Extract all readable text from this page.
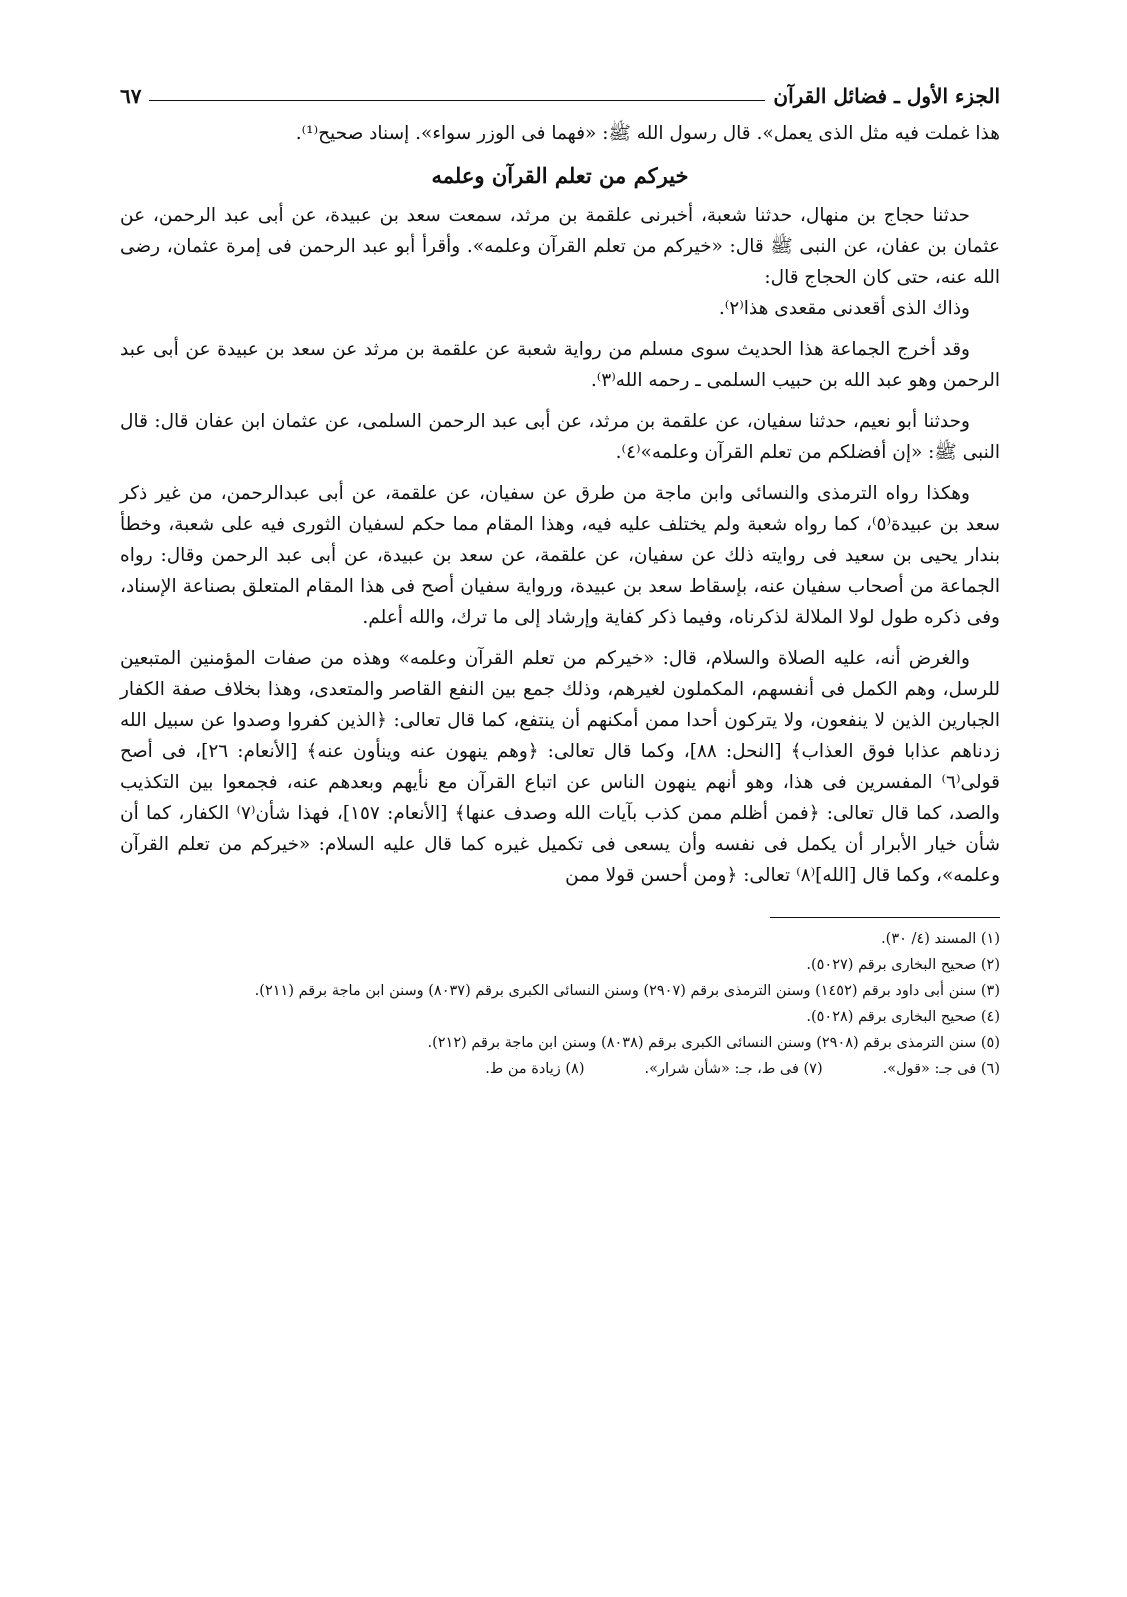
الجزء الأول ـ فضائل القرآن
٦٧

هذا غملت فيه مثل الذى يعمل». قال رسول الله ﷺ: «فهما فى الوزر سواء». إسناد صحيح⁽¹⁾.

خيركم من تعلم القرآن وعلمه

حدثنا حجاج بن منهال، حدثنا شعبة، أخبرنى علقمة بن مرثد، سمعت سعد بن عبيدة، عن أبى عبد الرحمن، عن عثمان بن عفان، عن النبى ﷺ قال: «خيركم من تعلم القرآن وعلمه». وأقرأ أبو عبد الرحمن فى إمرة عثمان، رضى الله عنه، حتى كان الحجاج قال:

وذاك الذى أقعدنى مقعدى هذا⁽٢⁾.

وقد أخرج الجماعة هذا الحديث سوى مسلم من رواية شعبة عن علقمة بن مرثد عن سعد بن عبيدة عن أبى عبد الرحمن وهو عبد الله بن حبيب السلمى ـ رحمه الله⁽٣⁾.

وحدثنا أبو نعيم، حدثنا سفيان، عن علقمة بن مرثد، عن أبى عبد الرحمن السلمى، عن عثمان ابن عفان قال: قال النبى ﷺ: «إن أفضلكم من تعلم القرآن وعلمه»⁽٤⁾.

وهكذا رواه الترمذى والنسائى وابن ماجة من طرق عن سفيان، عن علقمة، عن أبى عبدالرحمن، من غير ذكر سعد بن عبيدة⁽٥⁾، كما رواه شعبة ولم يختلف عليه فيه، وهذا المقام مما حكم لسفيان الثورى فيه على شعبة، وخطأ بندار يحيى بن سعيد فى روايته ذلك عن سفيان، عن علقمة، عن سعد بن عبيدة، عن أبى عبد الرحمن وقال: رواه الجماعة من أصحاب سفيان عنه، بإسقاط سعد بن عبيدة، ورواية سفيان أصح فى هذا المقام المتعلق بصناعة الإسناد، وفى ذكره طول لولا الملالة لذكرناه، وفيما ذكر كفاية وإرشاد إلى ما ترك، والله أعلم.

والغرض أنه، عليه الصلاة والسلام، قال: «خيركم من تعلم القرآن وعلمه» وهذه من صفات المؤمنين المتبعين للرسل، وهم الكمل فى أنفسهم، المكملون لغيرهم، وذلك جمع بين النفع القاصر والمتعدى، وهذا بخلاف صفة الكفار الجبارين الذين لا ينفعون، ولا يتركون أحدا ممن أمكنهم أن ينتفع، كما قال تعالى: ﴿الذين كفروا وصدوا عن سبيل الله زدناهم عذابا فوق العذاب﴾ [النحل: ٨٨]، وكما قال تعالى: ﴿وهم ينهون عنه وينأون عنه﴾ [الأنعام: ٢٦]، فى أصح قولى⁽٦⁾ المفسرين فى هذا، وهو أنهم ينهون الناس عن اتباع القرآن مع نأيهم وبعدهم عنه، فجمعوا بين التكذيب والصد، كما قال تعالى: ﴿فمن أظلم ممن كذب بآيات الله وصدف عنها﴾ [الأنعام: ١٥٧]، فهذا شأن⁽٧⁾ الكفار، كما أن شأن خيار الأبرار أن يكمل فى نفسه وأن يسعى فى تكميل غيره كما قال عليه السلام: «خيركم من تعلم القرآن وعلمه»، وكما قال [الله]⁽٨⁾ تعالى: ﴿ومن أحسن قولا ممن

(١) المسند (٤/ ٣٠).

(٢) صحيح البخارى برقم (٥٠٢٧).

(٣) سنن أبى داود برقم (١٤٥٢) وسنن الترمذى برقم (٢٩٠٧) وسنن النسائى الكبرى برقم (٨٠٣٧) وسنن ابن ماجة برقم (٢١١).

(٤) صحيح البخارى برقم (٥٠٢٨).

(٥) سنن الترمذى برقم (٢٩٠٨) وسنن النسائى الكبرى برقم (٨٠٣٨) وسنن ابن ماجة برقم (٢١٢).

(٦) فى جـ: «قول».
(٧) فى ط، جـ: «شأن شرار».
(٨) زيادة من ط.
